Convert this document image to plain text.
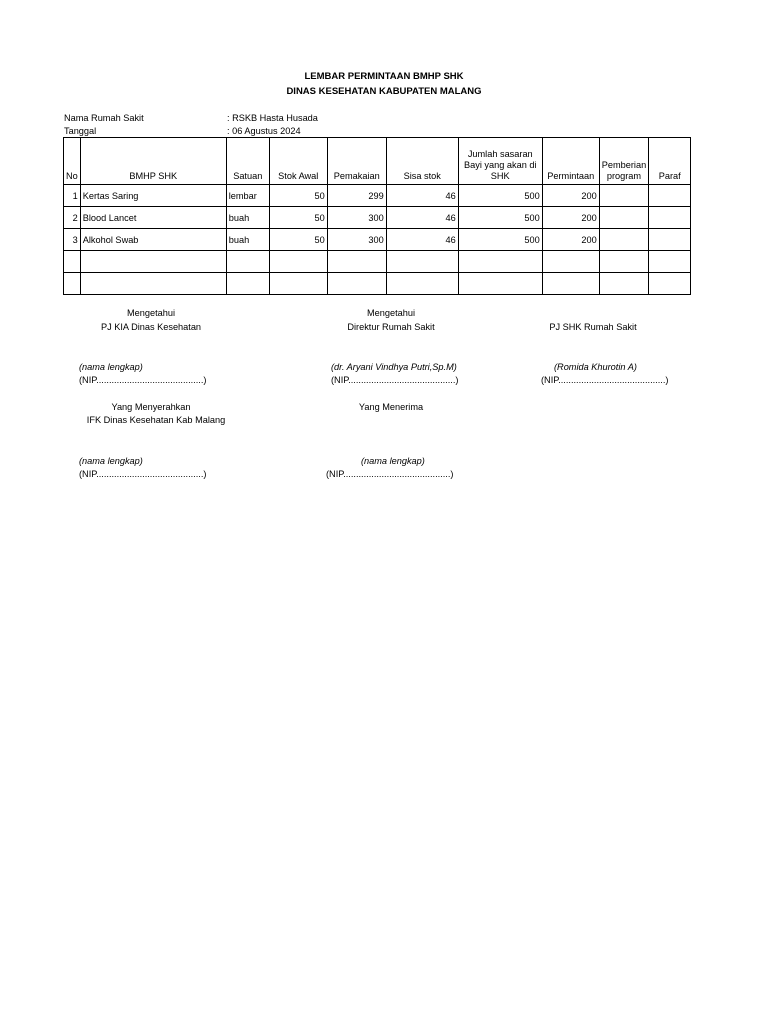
LEMBAR PERMINTAAN BMHP SHK
DINAS KESEHATAN KABUPATEN MALANG
Nama Rumah Sakit	: RSKB Hasta Husada
Tanggal	: 06 Agustus 2024
No	BMHP SHK	Satuan	Stok Awal	Pemakaian	Sisa stok	Jumlah sasaran Bayi yang akan di SHK	Permintaan	Pemberian program	Paraf
1	Kertas Saring	lembar	50	299	46	500	200		
2	Blood Lancet	buah	50	300	46	500	200		
3	Alkohol Swab	buah	50	300	46	500	200		

Mengetahui
PJ KIA Dinas Kesehatan
(nama lengkap)
(NIP..........................................)
Mengetahui
Direktur Rumah Sakit
(dr. Aryani Vindhya Putri,Sp.M)
(NIP..........................................)
PJ SHK Rumah Sakit
(Romida Khurotin A)
(NIP..........................................)
Yang Menyerahkan
IFK Dinas Kesehatan Kab Malang
(nama lengkap)
(NIP..........................................)
Yang Menerima
(nama lengkap)
(NIP..........................................)
